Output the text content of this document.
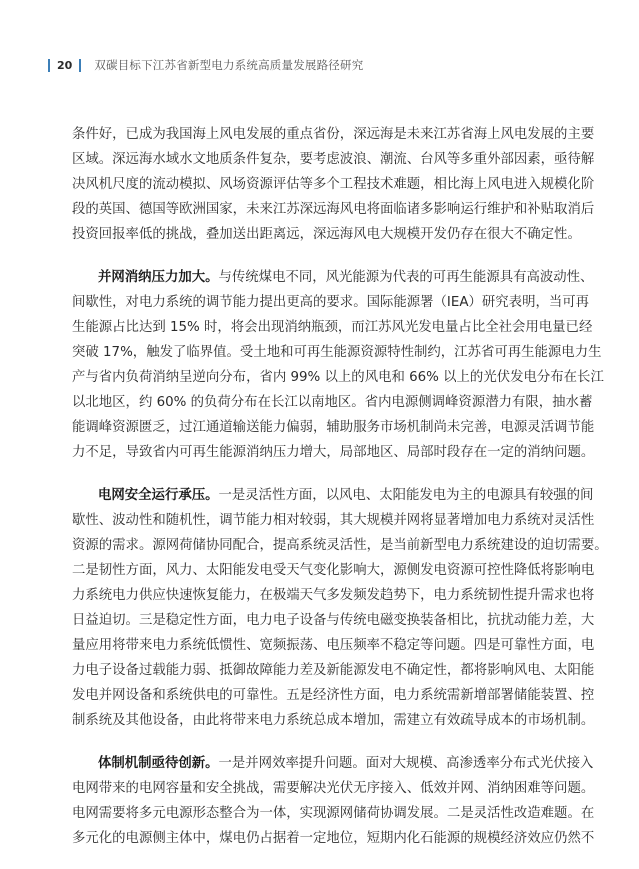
20 双碳目标下江苏省新型电力系统高质量发展路径研究

条件好，已成为我国海上风电发展的重点省份，深远海是未来江苏省海上风电发展的主要
区域。深远海水域水文地质条件复杂，要考虑波浪、潮流、台风等多重外部因素，亟待解
决风机尺度的流动模拟、风场资源评估等多个工程技术难题，相比海上风电进入规模化阶
段的英国、德国等欧洲国家，未来江苏深远海风电将面临诸多影响运行维护和补贴取消后
投资回报率低的挑战，叠加送出距离远，深远海风电大规模开发仍存在很大不确定性。

并网消纳压力加大。与传统煤电不同，风光能源为代表的可再生能源具有高波动性、
间歇性，对电力系统的调节能力提出更高的要求。国际能源署（IEA）研究表明，当可再
生能源占比达到 15% 时，将会出现消纳瓶颈，而江苏风光发电量占比全社会用电量已经
突破 17%，触发了临界值。受土地和可再生能源资源特性制约，江苏省可再生能源电力生
产与省内负荷消纳呈逆向分布，省内 99% 以上的风电和 66% 以上的光伏发电分布在长江
以北地区，约 60% 的负荷分布在长江以南地区。省内电源侧调峰资源潜力有限，抽水蓄
能调峰资源匮乏，过江通道输送能力偏弱，辅助服务市场机制尚未完善，电源灵活调节能
力不足，导致省内可再生能源消纳压力增大，局部地区、局部时段存在一定的消纳问题。

电网安全运行承压。一是灵活性方面，以风电、太阳能发电为主的电源具有较强的间
歇性、波动性和随机性，调节能力相对较弱，其大规模并网将显著增加电力系统对灵活性
资源的需求。源网荷储协同配合，提高系统灵活性，是当前新型电力系统建设的迫切需要。
二是韧性方面，风力、太阳能发电受天气变化影响大，源侧发电资源可控性降低将影响电
力系统电力供应快速恢复能力，在极端天气多发频发趋势下，电力系统韧性提升需求也将
日益迫切。三是稳定性方面，电力电子设备与传统电磁变换装备相比，抗扰动能力差，大
量应用将带来电力系统低惯性、宽频振荡、电压频率不稳定等问题。四是可靠性方面，电
力电子设备过载能力弱、抵御故障能力差及新能源发电不确定性，都将影响风电、太阳能
发电并网设备和系统供电的可靠性。五是经济性方面，电力系统需新增部署储能装置、控
制系统及其他设备，由此将带来电力系统总成本增加，需建立有效疏导成本的市场机制。

体制机制亟待创新。一是并网效率提升问题。面对大规模、高渗透率分布式光伏接入
电网带来的电网容量和安全挑战，需要解决光伏无序接入、低效并网、消纳困难等问题。
电网需要将多元电源形态整合为一体，实现源网储荷协调发展。二是灵活性改造难题。在
多元化的电源侧主体中，煤电仍占据着一定地位，短期内化石能源的规模经济效应仍然不
